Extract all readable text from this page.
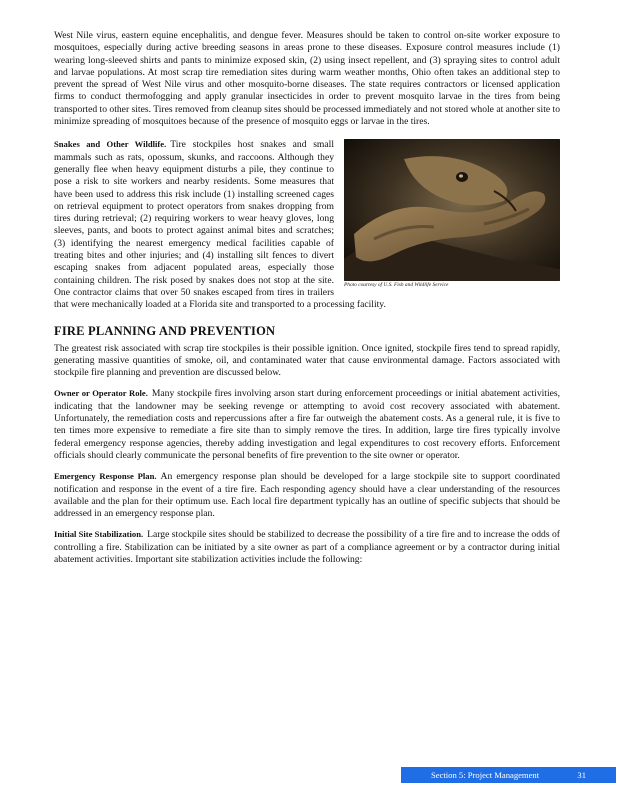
West Nile virus, eastern equine encephalitis, and dengue fever. Measures should be taken to control on-site worker exposure to mosquitoes, especially during active breeding seasons in areas prone to these diseases. Exposure control measures include (1) wearing long-sleeved shirts and pants to minimize exposed skin, (2) using insect repellent, and (3) spraying sites to control adult and larvae populations. At most scrap tire remediation sites during warm weather months, Ohio often takes an additional step to prevent the spread of West Nile virus and other mosquito-borne diseases. The state requires contractors or licensed application firms to conduct thermofogging and apply granular insecticides in order to prevent mosquito larvae in the tires from being transported to other sites. Tires removed from cleanup sites should be processed immediately and not stored whole at another site to minimize spreading of mosquitoes because of the presence of mosquito eggs or larvae in the tires.

Photo courtesy of U.S. Fish and Wildlife Service

Snakes and Other Wildlife. Tire stockpiles host snakes and small mammals such as rats, opossum, skunks, and raccoons. Although they generally flee when heavy equipment disturbs a pile, they continue to pose a risk to site workers and nearby residents. Some measures that have been used to address this risk include (1) installing screened cages on retrieval equipment to protect operators from snakes dropping from tires during retrieval; (2) requiring workers to wear heavy gloves, long sleeves, pants, and boots to protect against animal bites and scratches; (3) identifying the nearest emergency medical facilities capable of treating bites and other injuries; and (4) installing silt fences to divert escaping snakes from adjacent populated areas, especially those containing children. The risk posed by snakes does not stop at the site. One contractor claims that over 50 snakes escaped from tires in trailers that were mechanically loaded at a Florida site and transported to a processing facility.

FIRE PLANNING AND PREVENTION

The greatest risk associated with scrap tire stockpiles is their possible ignition. Once ignited, stockpile fires tend to spread rapidly, generating massive quantities of smoke, oil, and contaminated water that cause environmental damage. Factors associated with stockpile fire planning and prevention are discussed below.

Owner or Operator Role. Many stockpile fires involving arson start during enforcement proceedings or initial abatement activities, indicating that the landowner may be seeking revenge or attempting to avoid cost recovery associated with abatement. Unfortunately, the remediation costs and repercussions after a fire far outweigh the abatement costs. As a general rule, it is five to ten times more expensive to remediate a fire site than to simply remove the tires. In addition, large tire fires typically involve federal emergency response agencies, thereby adding investigation and legal expenditures to cost recovery efforts. Enforcement officials should clearly communicate the personal benefits of fire prevention to the site owner or operator.

Emergency Response Plan. An emergency response plan should be developed for a large stockpile site to support coordinated notification and response in the event of a tire fire. Each responding agency should have a clear understanding of the resources available and the plan for their optimum use. Each local fire department typically has an outline of specific subjects that should be addressed in an emergency response plan.

Initial Site Stabilization. Large stockpile sites should be stabilized to decrease the possibility of a tire fire and to increase the odds of controlling a fire. Stabilization can be initiated by a site owner as part of a compliance agreement or by a contractor during initial abatement activities. Important site stabilization activities include the following:

Section 5: Project Management	31
